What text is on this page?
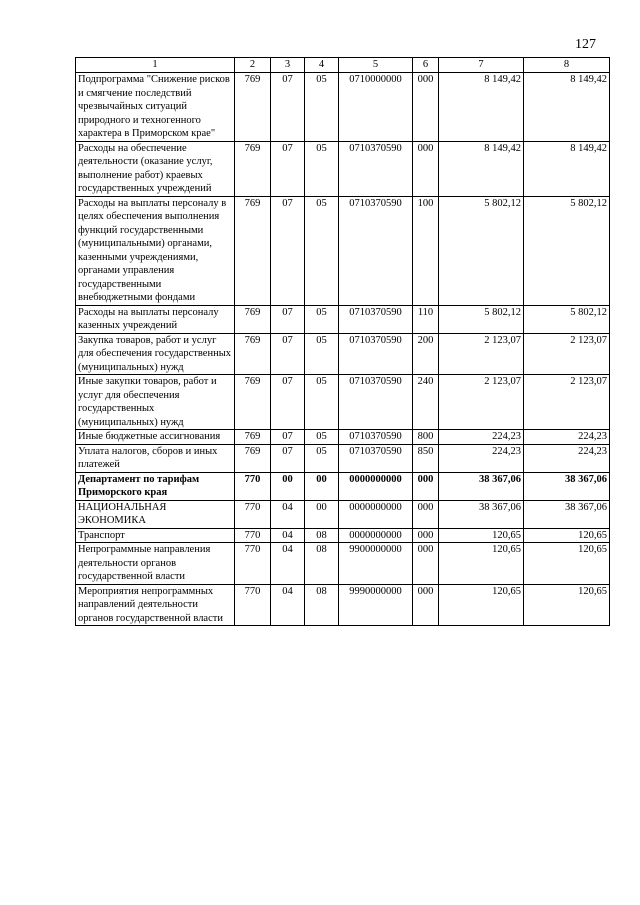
127
1	2	3	4	5	6	7	8
Подпрограмма "Снижение рисков и смягчение последствий чрезвычайных ситуаций природного и техногенного характера в Приморском крае"	769	07	05	0710000000	000	8 149,42	8 149,42
Расходы на обеспечение деятельности (оказание услуг, выполнение работ) краевых государственных учреждений	769	07	05	0710370590	000	8 149,42	8 149,42
Расходы на выплаты персоналу в целях обеспечения выполнения функций государственными (муниципальными) органами, казенными учреждениями, органами управления государственными внебюджетными фондами	769	07	05	0710370590	100	5 802,12	5 802,12
Расходы на выплаты персоналу казенных учреждений	769	07	05	0710370590	110	5 802,12	5 802,12
Закупка товаров, работ и услуг для обеспечения государственных (муниципальных) нужд	769	07	05	0710370590	200	2 123,07	2 123,07
Иные закупки товаров, работ и услуг для обеспечения государственных (муниципальных) нужд	769	07	05	0710370590	240	2 123,07	2 123,07
Иные бюджетные ассигнования	769	07	05	0710370590	800	224,23	224,23
Уплата налогов, сборов и иных платежей	769	07	05	0710370590	850	224,23	224,23
Департамент по тарифам Приморского края	770	00	00	0000000000	000	38 367,06	38 367,06
НАЦИОНАЛЬНАЯ ЭКОНОМИКА	770	04	00	0000000000	000	38 367,06	38 367,06
Транспорт	770	04	08	0000000000	000	120,65	120,65
Непрограммные направления деятельности органов государственной власти	770	04	08	9900000000	000	120,65	120,65
Мероприятия непрограммных направлений деятельности органов государственной власти	770	04	08	9990000000	000	120,65	120,65
